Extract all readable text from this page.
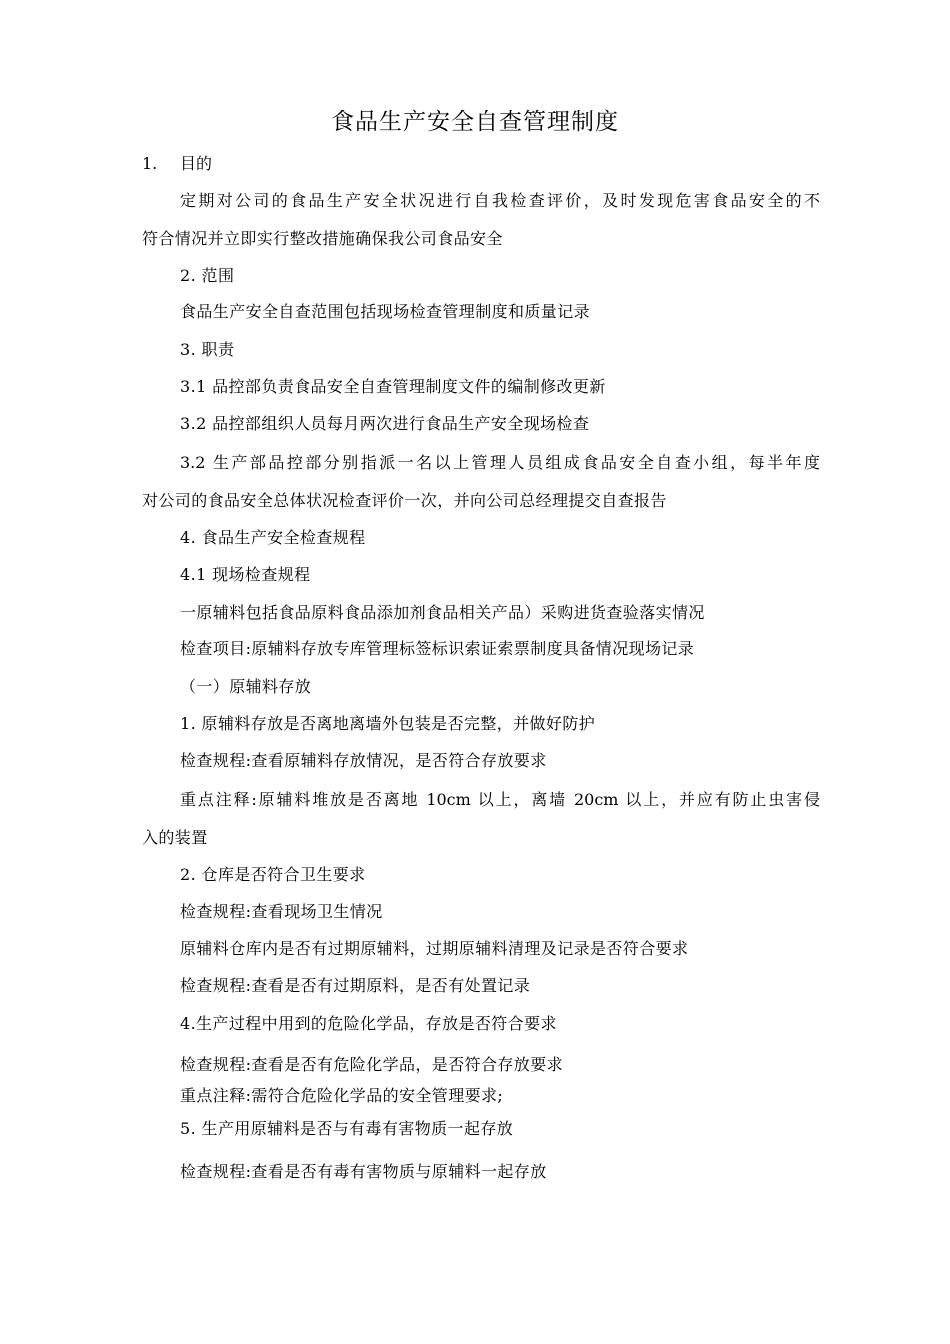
食品生产安全自查管理制度
1. 目的
定期对公司的食品生产安全状况进行自我检查评价，及时发现危害食品安全的不
符合情况并立即实行整改措施确保我公司食品安全
2. 范围
食品生产安全自查范围包括现场检查管理制度和质量记录
3. 职责
3.1 品控部负责食品安全自查管理制度文件的编制修改更新
3.2 品控部组织人员每月两次进行食品生产安全现场检查
3.2 生产部品控部分别指派一名以上管理人员组成食品安全自查小组，每半年度
对公司的食品安全总体状况检查评价一次，并向公司总经理提交自查报告
4. 食品生产安全检查规程
4.1 现场检查规程
一原辅料包括食品原料食品添加剂食品相关产品）采购进货查验落实情况
检查项目:原辅料存放专库管理标签标识索证索票制度具备情况现场记录
（一）原辅料存放
1. 原辅料存放是否离地离墙外包装是否完整，并做好防护
检查规程:查看原辅料存放情况，是否符合存放要求
重点注释:原辅料堆放是否离地 10cm 以上，离墙 20cm 以上，并应有防止虫害侵
入的装置
2. 仓库是否符合卫生要求
检查规程:查看现场卫生情况
原辅料仓库内是否有过期原辅料，过期原辅料清理及记录是否符合要求
检查规程:查看是否有过期原料，是否有处置记录
4.生产过程中用到的危险化学品，存放是否符合要求
检查规程:查看是否有危险化学品，是否符合存放要求
重点注释:需符合危险化学品的安全管理要求;
5. 生产用原辅料是否与有毒有害物质一起存放
检查规程:查看是否有毒有害物质与原辅料一起存放
